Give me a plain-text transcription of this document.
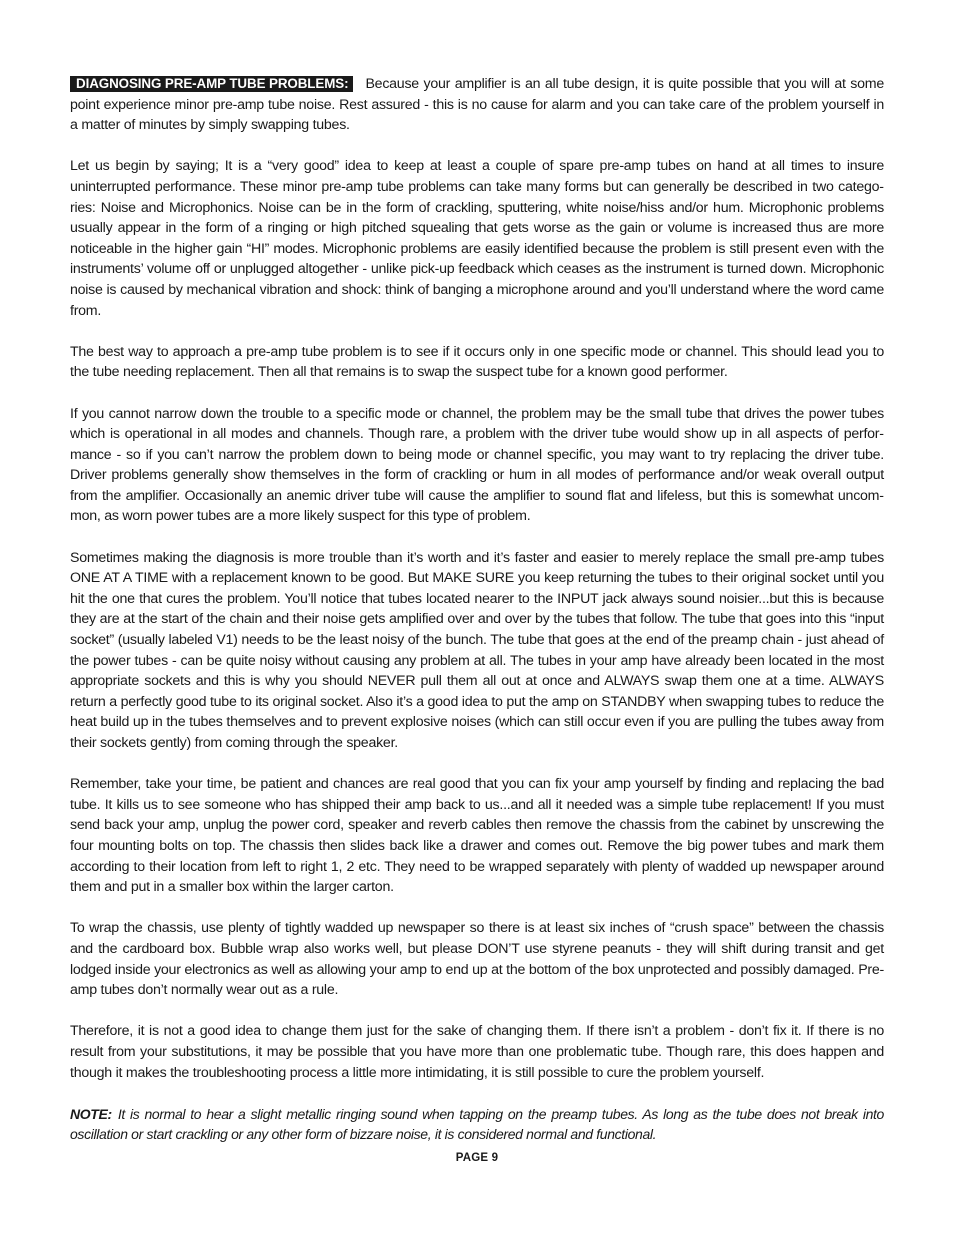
DIAGNOSING PRE-AMP TUBE PROBLEMS: Because your amplifier is an all tube design, it is quite possible that you will at some point experience minor pre-amp tube noise. Rest assured - this is no cause for alarm and you can take care of the problem yourself in a matter of minutes by simply swapping tubes.

Let us begin by saying; It is a “very good” idea to keep at least a couple of spare pre-amp tubes on hand at all times to insure uninterrupted performance. These minor pre-amp tube problems can take many forms but can generally be described in two categories: Noise and Microphonics. Noise can be in the form of crackling, sputtering, white noise/hiss and/or hum. Microphonic problems usually appear in the form of a ringing or high pitched squealing that gets worse as the gain or volume is increased thus are more noticeable in the higher gain “HI” modes. Microphonic problems are easily identified because the problem is still present even with the instruments’ volume off or unplugged altogether - unlike pick-up feedback which ceases as the instrument is turned down. Microphonic noise is caused by mechanical vibration and shock: think of banging a microphone around and you’ll understand where the word came from.

The best way to approach a pre-amp tube problem is to see if it occurs only in one specific mode or channel. This should lead you to the tube needing replacement. Then all that remains is to swap the suspect tube for a known good performer.

If you cannot narrow down the trouble to a specific mode or channel, the problem may be the small tube that drives the power tubes which is operational in all modes and channels. Though rare, a problem with the driver tube would show up in all aspects of performance - so if you can’t narrow the problem down to being mode or channel specific, you may want to try replacing the driver tube. Driver problems generally show themselves in the form of crackling or hum in all modes of performance and/or weak overall output from the amplifier. Occasionally an anemic driver tube will cause the amplifier to sound flat and lifeless, but this is somewhat uncommon, as worn power tubes are a more likely suspect for this type of problem.

Sometimes making the diagnosis is more trouble than it’s worth and it’s faster and easier to merely replace the small pre-amp tubes ONE AT A TIME with a replacement known to be good. But MAKE SURE you keep returning the tubes to their original socket until you hit the one that cures the problem. You’ll notice that tubes located nearer to the INPUT jack always sound noisier...but this is because they are at the start of the chain and their noise gets amplified over and over by the tubes that follow. The tube that goes into this “input socket” (usually labeled V1) needs to be the least noisy of the bunch. The tube that goes at the end of the preamp chain - just ahead of the power tubes - can be quite noisy without causing any problem at all. The tubes in your amp have already been located in the most appropriate sockets and this is why you should NEVER pull them all out at once and ALWAYS swap them one at a time. ALWAYS return a perfectly good tube to its original socket. Also it’s a good idea to put the amp on STANDBY when swapping tubes to reduce the heat build up in the tubes themselves and to prevent explosive noises (which can still occur even if you are pulling the tubes away from their sockets gently) from coming through the speaker.

Remember, take your time, be patient and chances are real good that you can fix your amp yourself by finding and replacing the bad tube. It kills us to see someone who has shipped their amp back to us...and all it needed was a simple tube replacement! If you must send back your amp, unplug the power cord, speaker and reverb cables then remove the chassis from the cabinet by unscrewing the four mounting bolts on top. The chassis then slides back like a drawer and comes out. Remove the big power tubes and mark them according to their location from left to right 1, 2 etc. They need to be wrapped separately with plenty of wadded up newspaper around them and put in a smaller box within the larger carton.

To wrap the chassis, use plenty of tightly wadded up newspaper so there is at least six inches of “crush space” between the chassis and the cardboard box. Bubble wrap also works well, but please DON’T use styrene peanuts - they will shift during transit and get lodged inside your electronics as well as allowing your amp to end up at the bottom of the box unprotected and possibly damaged. Pre-amp tubes don’t normally wear out as a rule.

Therefore, it is not a good idea to change them just for the sake of changing them. If there isn’t a problem - don’t fix it. If there is no result from your substitutions, it may be possible that you have more than one problematic tube. Though rare, this does happen and though it makes the troubleshooting process a little more intimidating, it is still possible to cure the problem yourself.

NOTE: It is normal to hear a slight metallic ringing sound when tapping on the preamp tubes. As long as the tube does not break into oscillation or start crackling or any other form of bizzare noise, it is considered normal and functional.

PAGE 9
